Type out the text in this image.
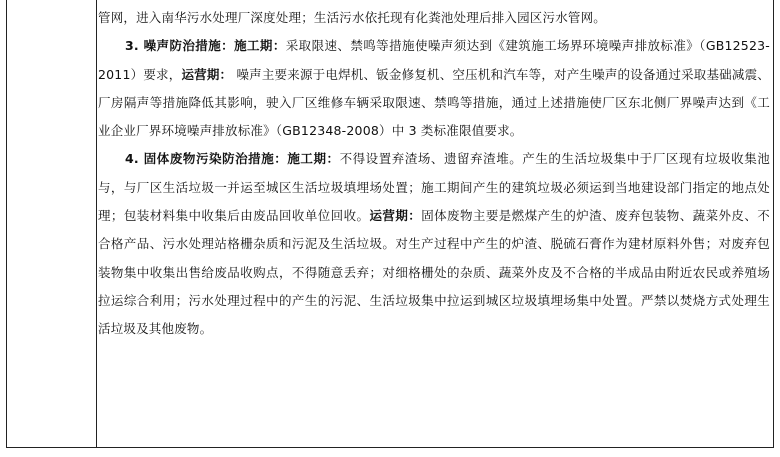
管网，进入南华污水处理厂深度处理；生活污水依托现有化粪池处理后排入园区污水管网。

3. 噪声防治措施：施工期：采取限速、禁鸣等措施使噪声须达到《建筑施工场界环境噪声排放标准》（GB12523-2011）要求，运营期： 噪声主要来源于电焊机、钣金修复机、空压机和汽车等，对产生噪声的设备通过采取基础减震、厂房隔声等措施降低其影响，驶入厂区维修车辆采取限速、禁鸣等措施，通过上述措施使厂区东北侧厂界噪声达到《工业企业厂界环境噪声排放标准》（GB12348-2008）中 3 类标准限值要求。

4. 固体废物污染防治措施：施工期：不得设置弃渣场、遗留弃渣堆。产生的生活垃圾集中于厂区现有垃圾收集池与，与厂区生活垃圾一并运至城区生活垃圾填埋场处置；施工期间产生的建筑垃圾必须运到当地建设部门指定的地点处理；包装材料集中收集后由废品回收单位回收。运营期：固体废物主要是燃煤产生的炉渣、废弃包装物、蔬菜外皮、不合格产品、污水处理站格栅杂质和污泥及生活垃圾。对生产过程中产生的炉渣、脱硫石膏作为建材原料外售；对废弃包装物集中收集出售给废品收购点，不得随意丢弃；对细格栅处的杂质、蔬菜外皮及不合格的半成品由附近农民或养殖场拉运综合利用；污水处理过程中的产生的污泥、生活垃圾集中拉运到城区垃圾填埋场集中处置。严禁以焚烧方式处理生活垃圾及其他废物。
